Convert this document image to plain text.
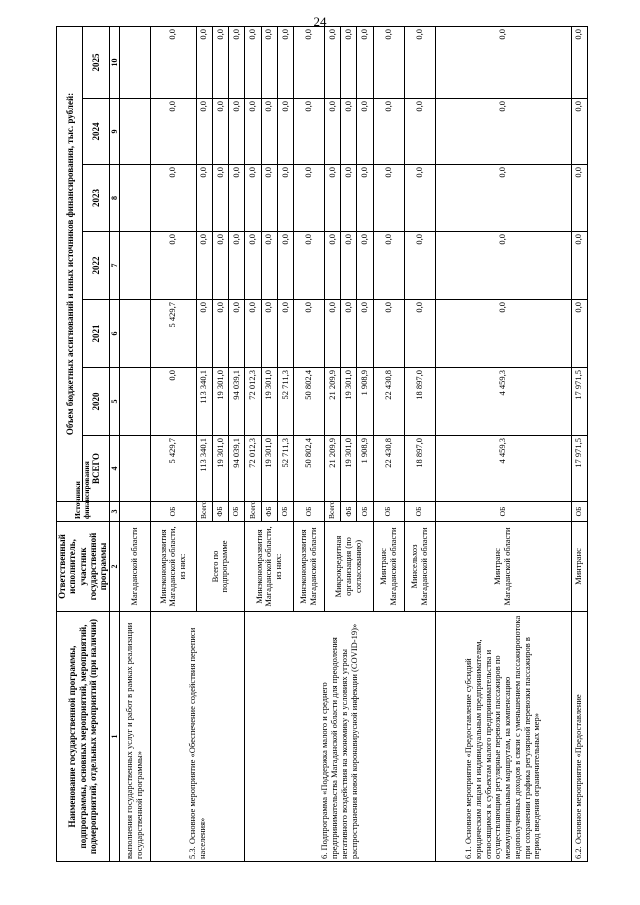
24
Наименование государственной программы, подпрограммы, основных мероприятий, мероприятий, подмероприятий, отдельных мероприятий (при наличии)	Ответственный исполнитель, участник государственной программы	Источники финансирования	Объем бюджетных ассигнований и иных источников финансирования, тыс. рублей:						
			ВСЕГО	2020	2021	2022	2023	2024	2025
1	2	3	4	5	6	7	8	9	10
выполнения государственных услуг и работ в рамках реализации государственной программы»	Магаданской области								
5.3. Основное мероприятие «Обеспечение содействия переписи населения»	Минэкономразвития Магаданской области, из них:	ОБ	5 429,7	0,0	5 429,7	0,0	0,0	0,0	0,0
	Всего по подпрограмме	Всего	113 340,1	113 340,1	0,0	0,0	0,0	0,0	0,0
		ФБ	19 301,0	19 301,0	0,0	0,0	0,0	0,0	0,0
		ОБ	94 039,1	94 039,1	0,0	0,0	0,0	0,0	0,0
6. Подпрограмма «Поддержка малого и среднего предпринимательства Магаданской области для преодоления негативного воздействия на экономику в условиях угрозы распространения новой коронавирусной инфекции (COVID-19)»	Минэкономразвития Магаданской области, из них:	Всего	72 012,3	72 012,3	0,0	0,0	0,0	0,0	0,0
		ФБ	19 301,0	19 301,0	0,0	0,0	0,0	0,0	0,0
		ОБ	52 711,3	52 711,3	0,0	0,0	0,0	0,0	0,0
	Минэкономразвития Магаданской области	ОБ	50 802,4	50 802,4	0,0	0,0	0,0	0,0	0,0
	Микрокредитная организация (по согласованию)	Всего	21 209,9	21 209,9	0,0	0,0	0,0	0,0	0,0
		ФБ	19 301,0	19 301,0	0,0	0,0	0,0	0,0	0,0
		ОБ	1 908,9	1 908,9	0,0	0,0	0,0	0,0	0,0
	Минтранс Магаданской области	ОБ	22 430,8	22 430,8	0,0	0,0	0,0	0,0	0,0

	Минсельхоз Магаданской области	ОБ	18 897,0	18 897,0	0,0	0,0	0,0	0,0	0,0
6.1. Основное мероприятие «Предоставление субсидий юридическим лицам и индивидуальным предпринимателям, относящимся к субъектам малого предпринимательства и осуществляющим регулярные перевозки пассажиров по межмуниципальным маршрутам, на компенсацию недополученных доходов в связи с уменьшением пассажиропотока при сохранении графика регулярной перевозки пассажиров в период введения ограничительных мер»	Минтранс Магаданской области	ОБ	4 459,3	4 459,3	0,0	0,0	0,0	0,0	0,0
6.2. Основное мероприятие «Предоставление	Минтранс	ОБ	17 971,5	17 971,5	0,0	0,0	0,0	0,0	0,0
